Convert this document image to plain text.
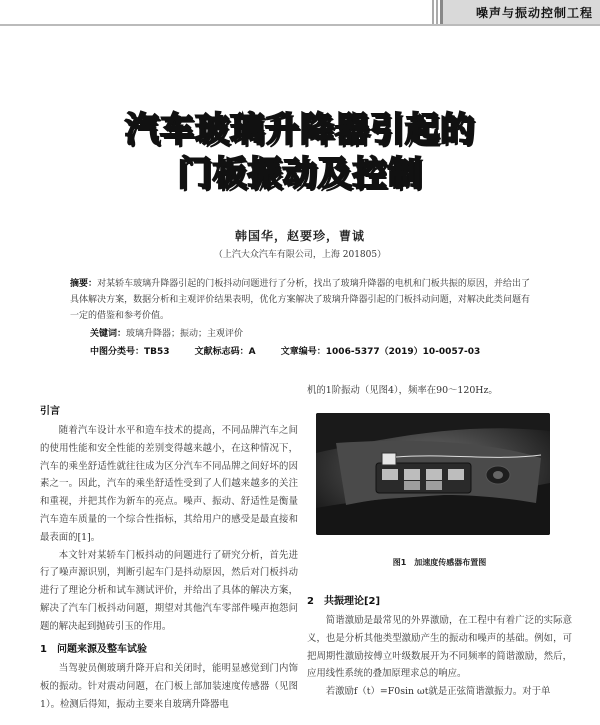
噪声与振动控制工程
汽车玻璃升降器引起的
门板振动及控制
韩国华，赵要珍，曹诚
（上汽大众汽车有限公司，上海 201805）
摘要：对某轿车玻璃升降器引起的门板抖动问题进行了分析，找出了玻璃升降器的电机和门板共振的原因，并给出了具体解决方案，数据分析和主观评价结果表明，优化方案解决了玻璃升降器引起的门板抖动问题，对解决此类问题有一定的借鉴和参考价值。
关键词：玻璃升降器；振动；主观评价
中图分类号：TB53	文献标志码：A	文章编号：1006-5377（2019）10-0057-03
引言

随着汽车设计水平和造车技术的提高，不同品牌汽车之间的使用性能和安全性能的差别变得越来越小，在这种情况下，汽车的乘坐舒适性就往往成为区分汽车不同品牌之间好坏的因素之一。因此，汽车的乘坐舒适性受到了人们越来越多的关注和重视，并把其作为新车的亮点。噪声、振动、舒适性是衡量汽车造车质量的一个综合性指标，其给用户的感受是最直接和最表面的[1]。

本文针对某轿车门板抖动的问题进行了研究分析，首先进行了噪声源识别，判断引起车门是抖动原因，然后对门板抖动进行了理论分析和试车测试评价，并给出了具体的解决方案，解决了汽车门板抖动问题，期望对其他汽车零部件噪声抱怨问题的解决起到抛砖引玉的作用。

1　问题来源及整车试验

当驾驶员侧玻璃升降开启和关闭时，能明显感觉到门内饰板的振动。针对震动问题，在门板上部加装速度传感器（见图1）。检测后得知，振动主要来自玻璃升降器电

机的1阶振动（见图4），频率在90～120Hz。

图1　加速度传感器布置图
2　共振理论[2]

简谐激励是最常见的外界激励，在工程中有着广泛的实际意义，也是分析其他类型激励产生的振动和噪声的基础。例如，可把周期性激励按傅立叶级数展开为不同频率的简谐激励，然后，应用线性系统的叠加原理求总的响应。

若激励f（t）=F0sin ωt就是正弦简谐激振力。对于单
